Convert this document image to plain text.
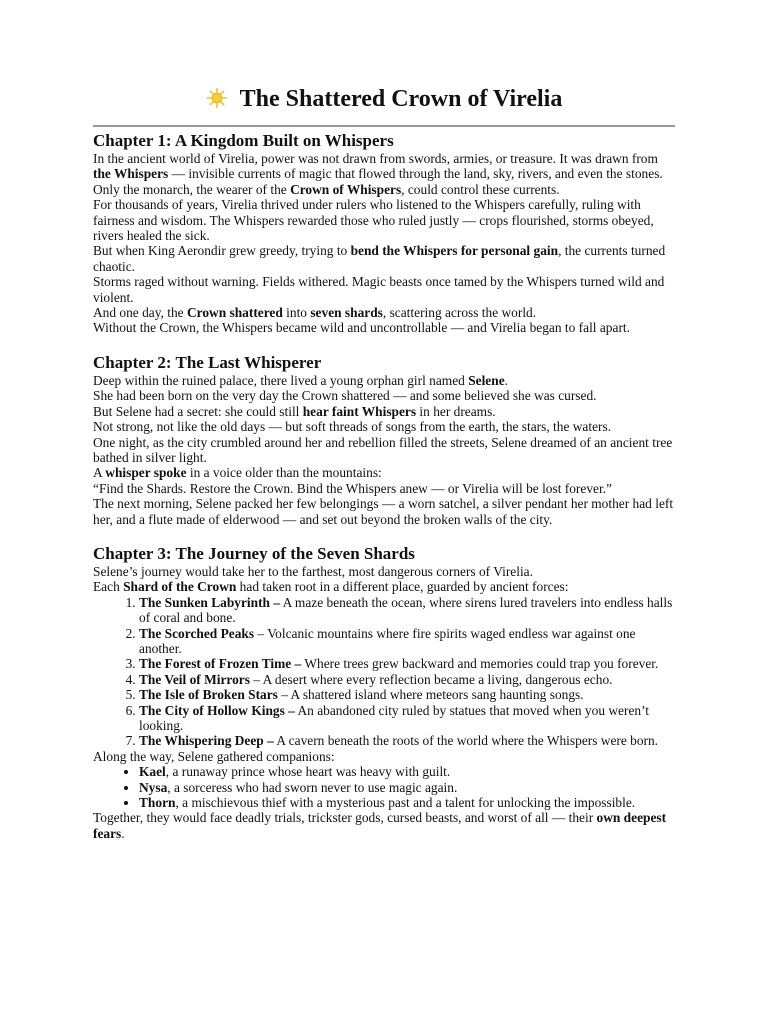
The Shattered Crown of Virelia
Chapter 1: A Kingdom Built on Whispers

In the ancient world of Virelia, power was not drawn from swords, armies, or treasure. It was drawn from the Whispers — invisible currents of magic that flowed through the land, sky, rivers, and even the stones. Only the monarch, the wearer of the Crown of Whispers, could control these currents.

For thousands of years, Virelia thrived under rulers who listened to the Whispers carefully, ruling with fairness and wisdom. The Whispers rewarded those who ruled justly — crops flourished, storms obeyed, rivers healed the sick.

But when King Aerondir grew greedy, trying to bend the Whispers for personal gain, the currents turned chaotic.

Storms raged without warning. Fields withered. Magic beasts once tamed by the Whispers turned wild and violent.

And one day, the Crown shattered into seven shards, scattering across the world.

Without the Crown, the Whispers became wild and uncontrollable — and Virelia began to fall apart.

Chapter 2: The Last Whisperer

Deep within the ruined palace, there lived a young orphan girl named Selene.

She had been born on the very day the Crown shattered — and some believed she was cursed.

But Selene had a secret: she could still hear faint Whispers in her dreams.

Not strong, not like the old days — but soft threads of songs from the earth, the stars, the waters.

One night, as the city crumbled around her and rebellion filled the streets, Selene dreamed of an ancient tree bathed in silver light.

A whisper spoke in a voice older than the mountains:

“Find the Shards. Restore the Crown. Bind the Whispers anew — or Virelia will be lost forever.”

The next morning, Selene packed her few belongings — a worn satchel, a silver pendant her mother had left her, and a flute made of elderwood — and set out beyond the broken walls of the city.

Chapter 3: The Journey of the Seven Shards

Selene’s journey would take her to the farthest, most dangerous corners of Virelia.

Each Shard of the Crown had taken root in a different place, guarded by ancient forces:

1. The Sunken Labyrinth – A maze beneath the ocean, where sirens lured travelers into endless halls of coral and bone.
2. The Scorched Peaks – Volcanic mountains where fire spirits waged endless war against one another.
3. The Forest of Frozen Time – Where trees grew backward and memories could trap you forever.
4. The Veil of Mirrors – A desert where every reflection became a living, dangerous echo.
5. The Isle of Broken Stars – A shattered island where meteors sang haunting songs.
6. The City of Hollow Kings – An abandoned city ruled by statues that moved when you weren’t looking.
7. The Whispering Deep – A cavern beneath the roots of the world where the Whispers were born.

Along the way, Selene gathered companions:

• Kael, a runaway prince whose heart was heavy with guilt.
• Nysa, a sorceress who had sworn never to use magic again.
• Thorn, a mischievous thief with a mysterious past and a talent for unlocking the impossible.

Together, they would face deadly trials, trickster gods, cursed beasts, and worst of all — their own deepest fears.
